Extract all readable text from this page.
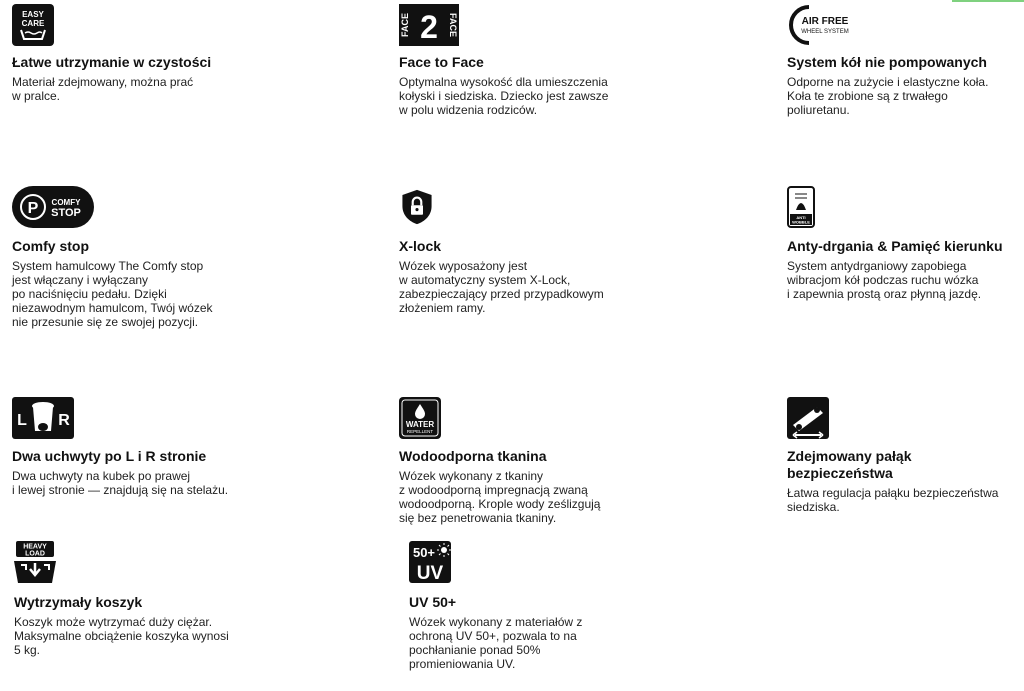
EASY
CARE

Łatwe utrzymanie w czystości

Materiał zdejmowany, można prać
w pralce.

FACE 2 FACE

Face to Face

Optymalna wysokość dla umieszczenia
kołyski i siedziska. Dziecko jest zawsze
w polu widzenia rodziców.

AIR FREE
WHEEL SYSTEM

System kół nie pompowanych

Odporne na zużycie i elastyczne koła.
Koła te zrobione są z trwałego
poliuretanu.

P COMFY
STOP

Comfy stop

System hamulcowy The Comfy stop
jest włączany i wyłączany
po naciśnięciu pedału. Dzięki
niezawodnym hamulcom, Twój wózek
nie przesunie się ze swojej pozycji.

X-lock

Wózek wyposażony jest
w automatyczny system X-Lock,
zabezpieczający przed przypadkowym
złożeniem ramy.

ANTI
WOBBLE

Anty-drgania & Pamięć kierunku

System antydrganiowy zapobiega
wibracjom kół podczas ruchu wózka
i zapewnia prostą oraz płynną jazdę.

L R

Dwa uchwyty po L i R stronie

Dwa uchwyty na kubek po prawej
i lewej stronie — znajdują się na stelażu.

WATER
REPELLENT

Wodoodporna tkanina

Wózek wykonany z tkaniny
z wodoodporną impregnacją zwaną
wodoodporną. Krople wody ześlizgują
się bez penetrowania tkaniny.

Zdejmowany pałąk
bezpieczeństwa

Łatwa regulacja pałąku bezpieczeństwa
siedziska.

HEAVY
LOAD

Wytrzymały koszyk

Koszyk może wytrzymać duży ciężar.
Maksymalne obciążenie koszyka wynosi
5 kg.

50+
UV

UV 50+

Wózek wykonany z materiałów z
ochroną UV 50+, pozwala to na
pochłanianie ponad 50%
promieniowania UV.
